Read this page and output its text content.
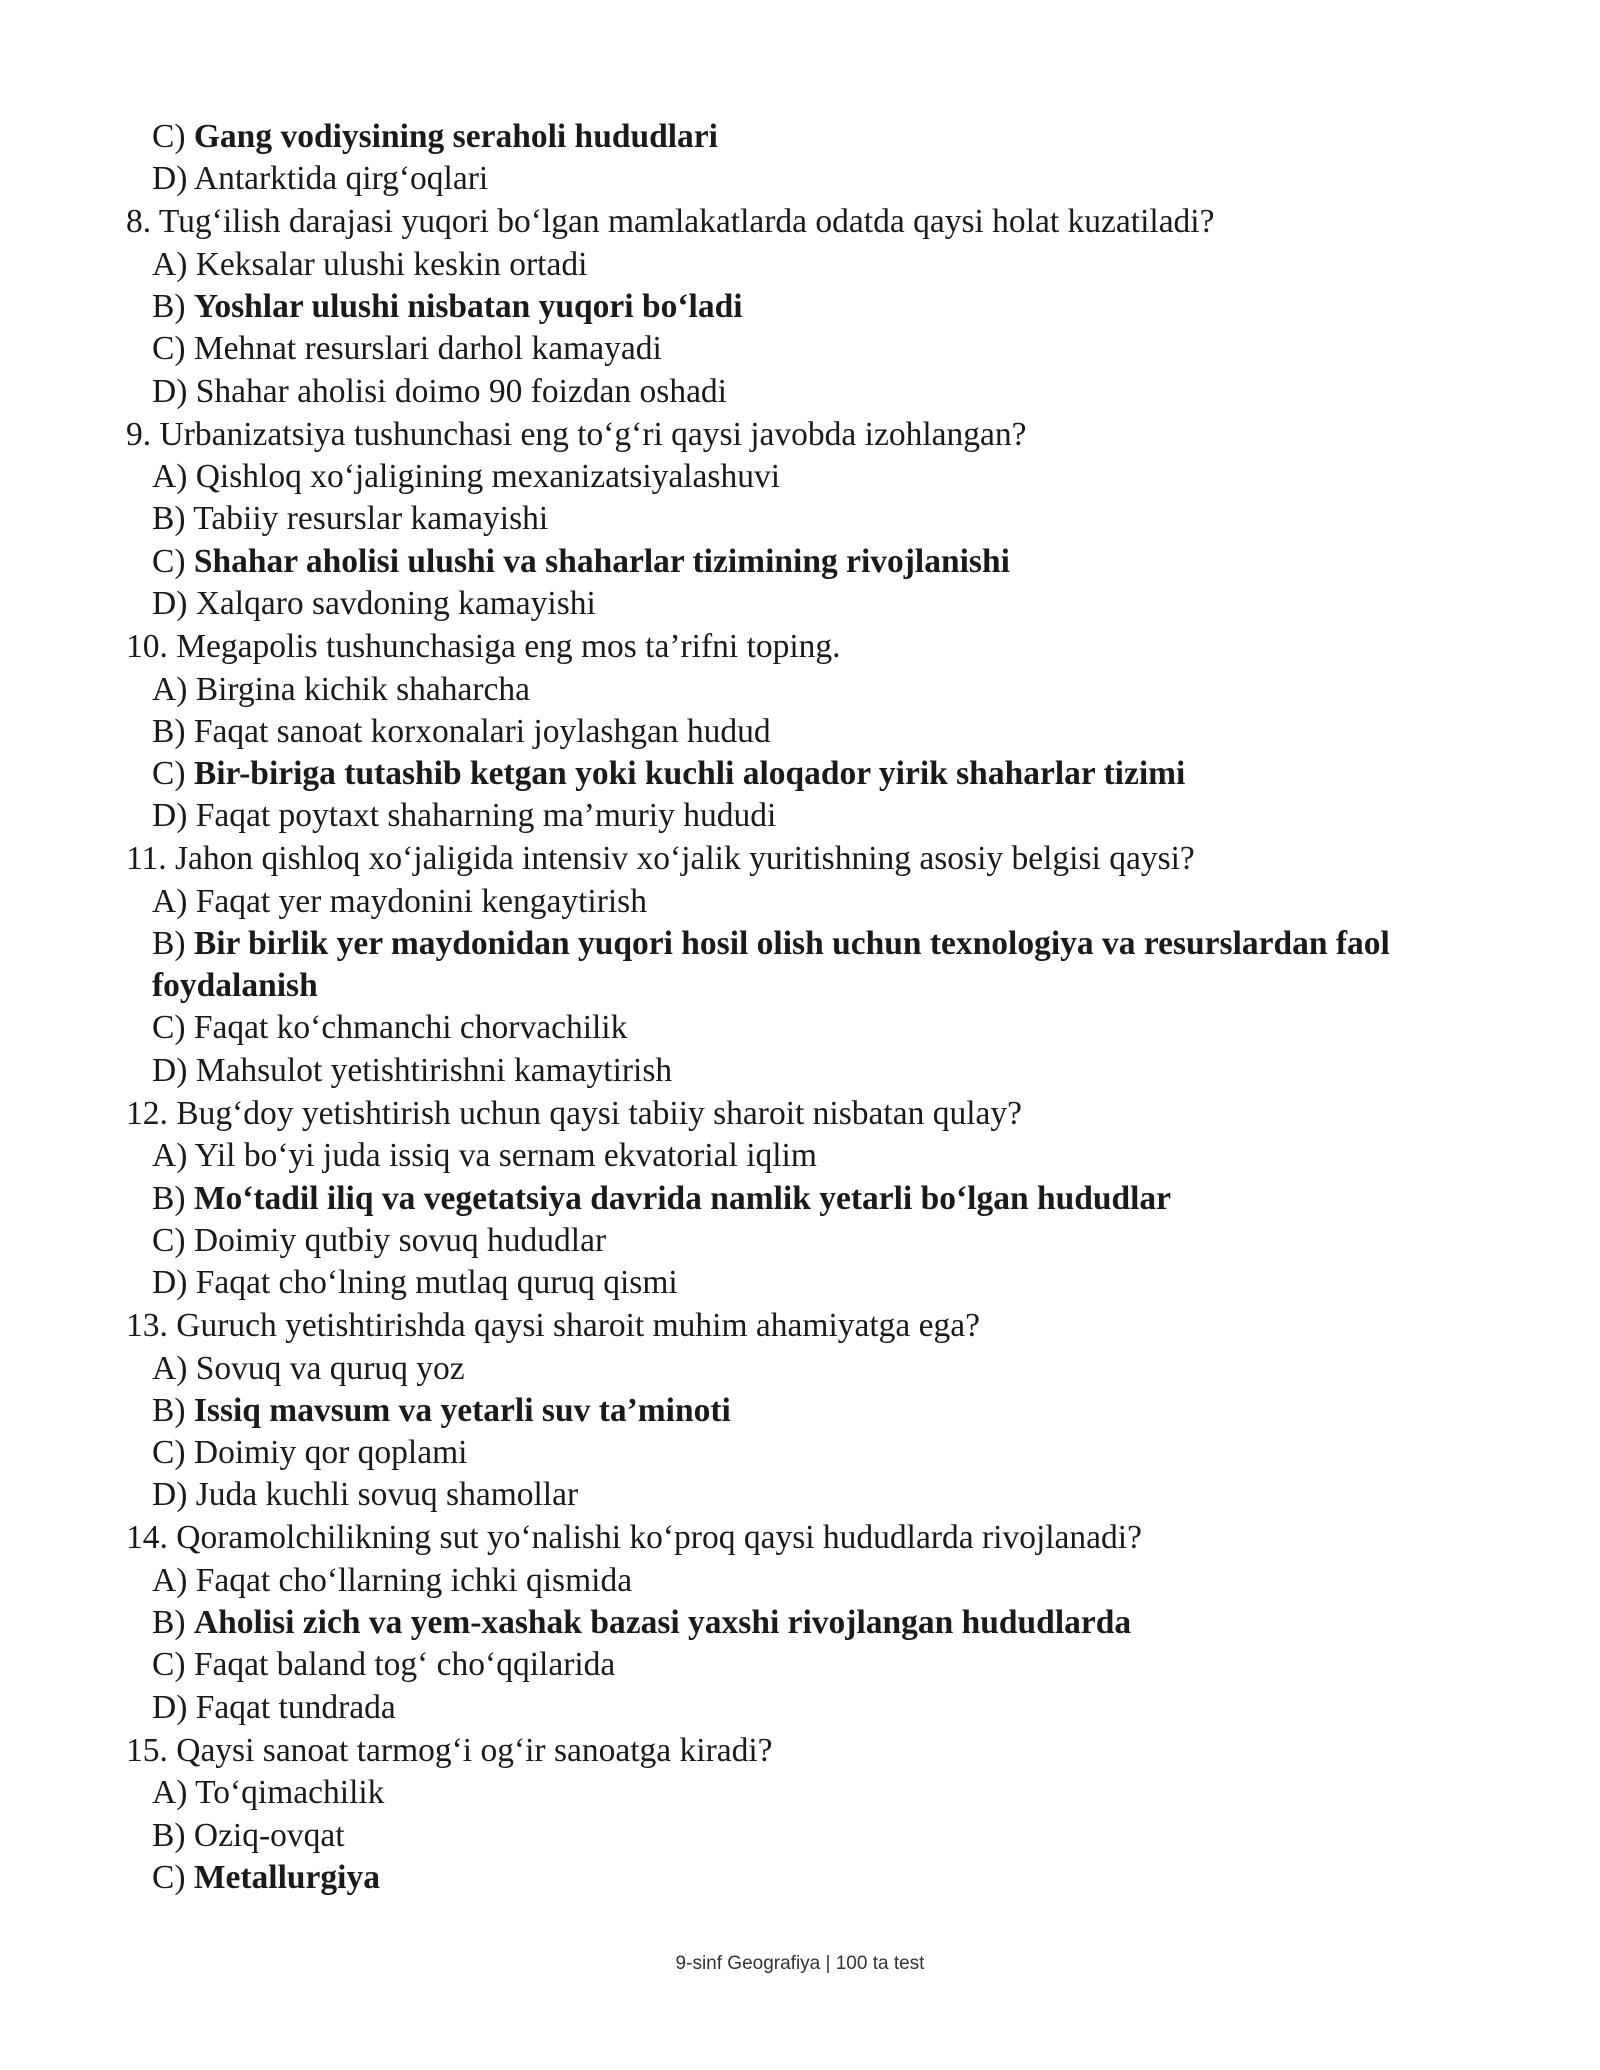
C) Gang vodiysining seraholi hududlari
D) Antarktida qirg‘oqlari
8. Tug‘ilish darajasi yuqori bo‘lgan mamlakatlarda odatda qaysi holat kuzatiladi?
A) Keksalar ulushi keskin ortadi
B) Yoshlar ulushi nisbatan yuqori bo‘ladi
C) Mehnat resurslari darhol kamayadi
D) Shahar aholisi doimo 90 foizdan oshadi
9. Urbanizatsiya tushunchasi eng to‘g‘ri qaysi javobda izohlangan?
A) Qishloq xo‘jaligining mexanizatsiyalashuvi
B) Tabiiy resurslar kamayishi
C) Shahar aholisi ulushi va shaharlar tizimining rivojlanishi
D) Xalqaro savdoning kamayishi
10. Megapolis tushunchasiga eng mos ta’rifni toping.
A) Birgina kichik shaharcha
B) Faqat sanoat korxonalari joylashgan hudud
C) Bir-biriga tutashib ketgan yoki kuchli aloqador yirik shaharlar tizimi
D) Faqat poytaxt shaharning ma’muriy hududi
11. Jahon qishloq xo‘jaligida intensiv xo‘jalik yuritishning asosiy belgisi qaysi?
A) Faqat yer maydonini kengaytirish
B) Bir birlik yer maydonidan yuqori hosil olish uchun texnologiya va resurslardan faol foydalanish
C) Faqat ko‘chmanchi chorvachilik
D) Mahsulot yetishtirishni kamaytirish
12. Bug‘doy yetishtirish uchun qaysi tabiiy sharoit nisbatan qulay?
A) Yil bo‘yi juda issiq va sernam ekvatorial iqlim
B) Mo‘tadil iliq va vegetatsiya davrida namlik yetarli bo‘lgan hududlar
C) Doimiy qutbiy sovuq hududlar
D) Faqat cho‘lning mutlaq quruq qismi
13. Guruch yetishtirishda qaysi sharoit muhim ahamiyatga ega?
A) Sovuq va quruq yoz
B) Issiq mavsum va yetarli suv ta’minoti
C) Doimiy qor qoplami
D) Juda kuchli sovuq shamollar
14. Qoramolchilikning sut yo‘nalishi ko‘proq qaysi hududlarda rivojlanadi?
A) Faqat cho‘llarning ichki qismida
B) Aholisi zich va yem-xashak bazasi yaxshi rivojlangan hududlarda
C) Faqat baland tog‘ cho‘qqilarida
D) Faqat tundrada
15. Qaysi sanoat tarmog‘i og‘ir sanoatga kiradi?
A) To‘qimachilik
B) Oziq-ovqat
C) Metallurgiya
9-sinf Geografiya | 100 ta test
